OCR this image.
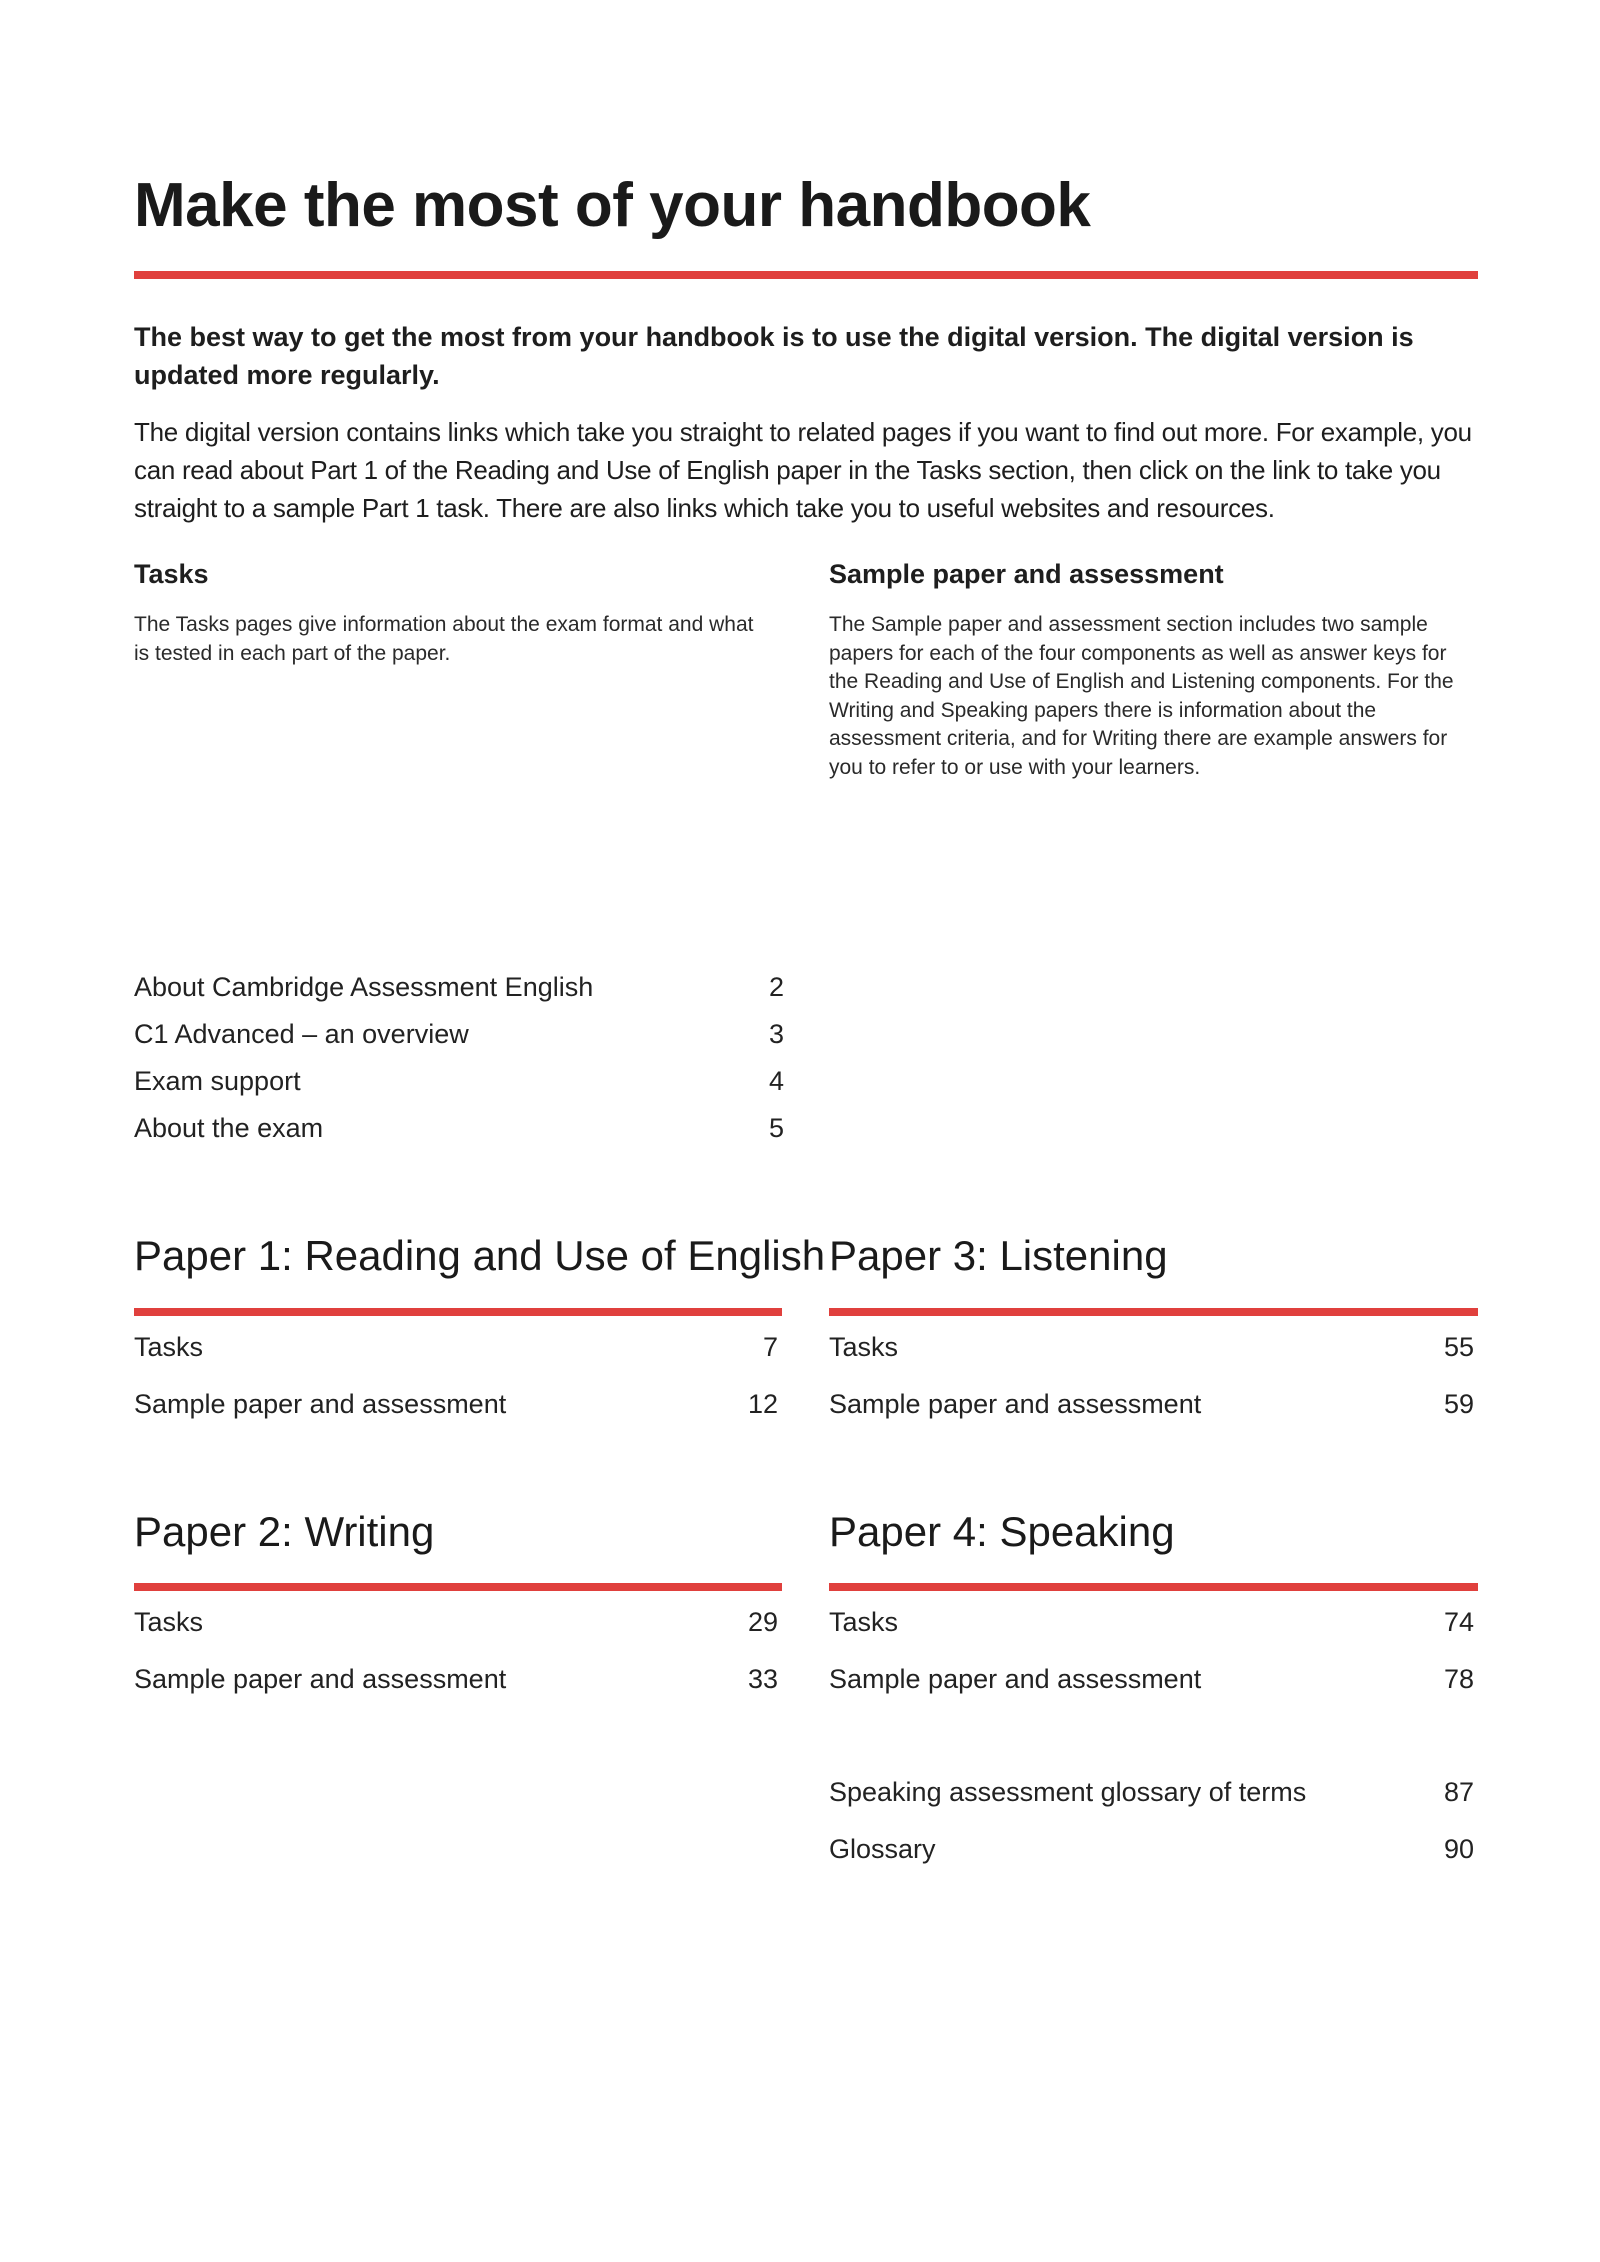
Make the most of your handbook
The best way to get the most from your handbook is to use the digital version. The digital version is updated more regularly.
The digital version contains links which take you straight to related pages if you want to find out more. For example, you can read about Part 1 of the Reading and Use of English paper in the Tasks section, then click on the link to take you straight to a sample Part 1 task. There are also links which take you to useful websites and resources.
Tasks
The Tasks pages give information about the exam format and what is tested in each part of the paper.
Sample paper and assessment
The Sample paper and assessment section includes two sample papers for each of the four components as well as answer keys for the Reading and Use of English and Listening components. For the Writing and Speaking papers there is information about the assessment criteria, and for Writing there are example answers for you to refer to or use with your learners.
About Cambridge Assessment English	2
C1 Advanced – an overview	3
Exam support	4
About the exam	5
Paper 1: Reading and Use of English
Tasks	7
Sample paper and assessment	12
Paper 3: Listening
Tasks	55
Sample paper and assessment	59
Paper 2: Writing
Tasks	29
Sample paper and assessment	33
Paper 4: Speaking
Tasks	74
Sample paper and assessment	78
Speaking assessment glossary of terms	87
Glossary	90
